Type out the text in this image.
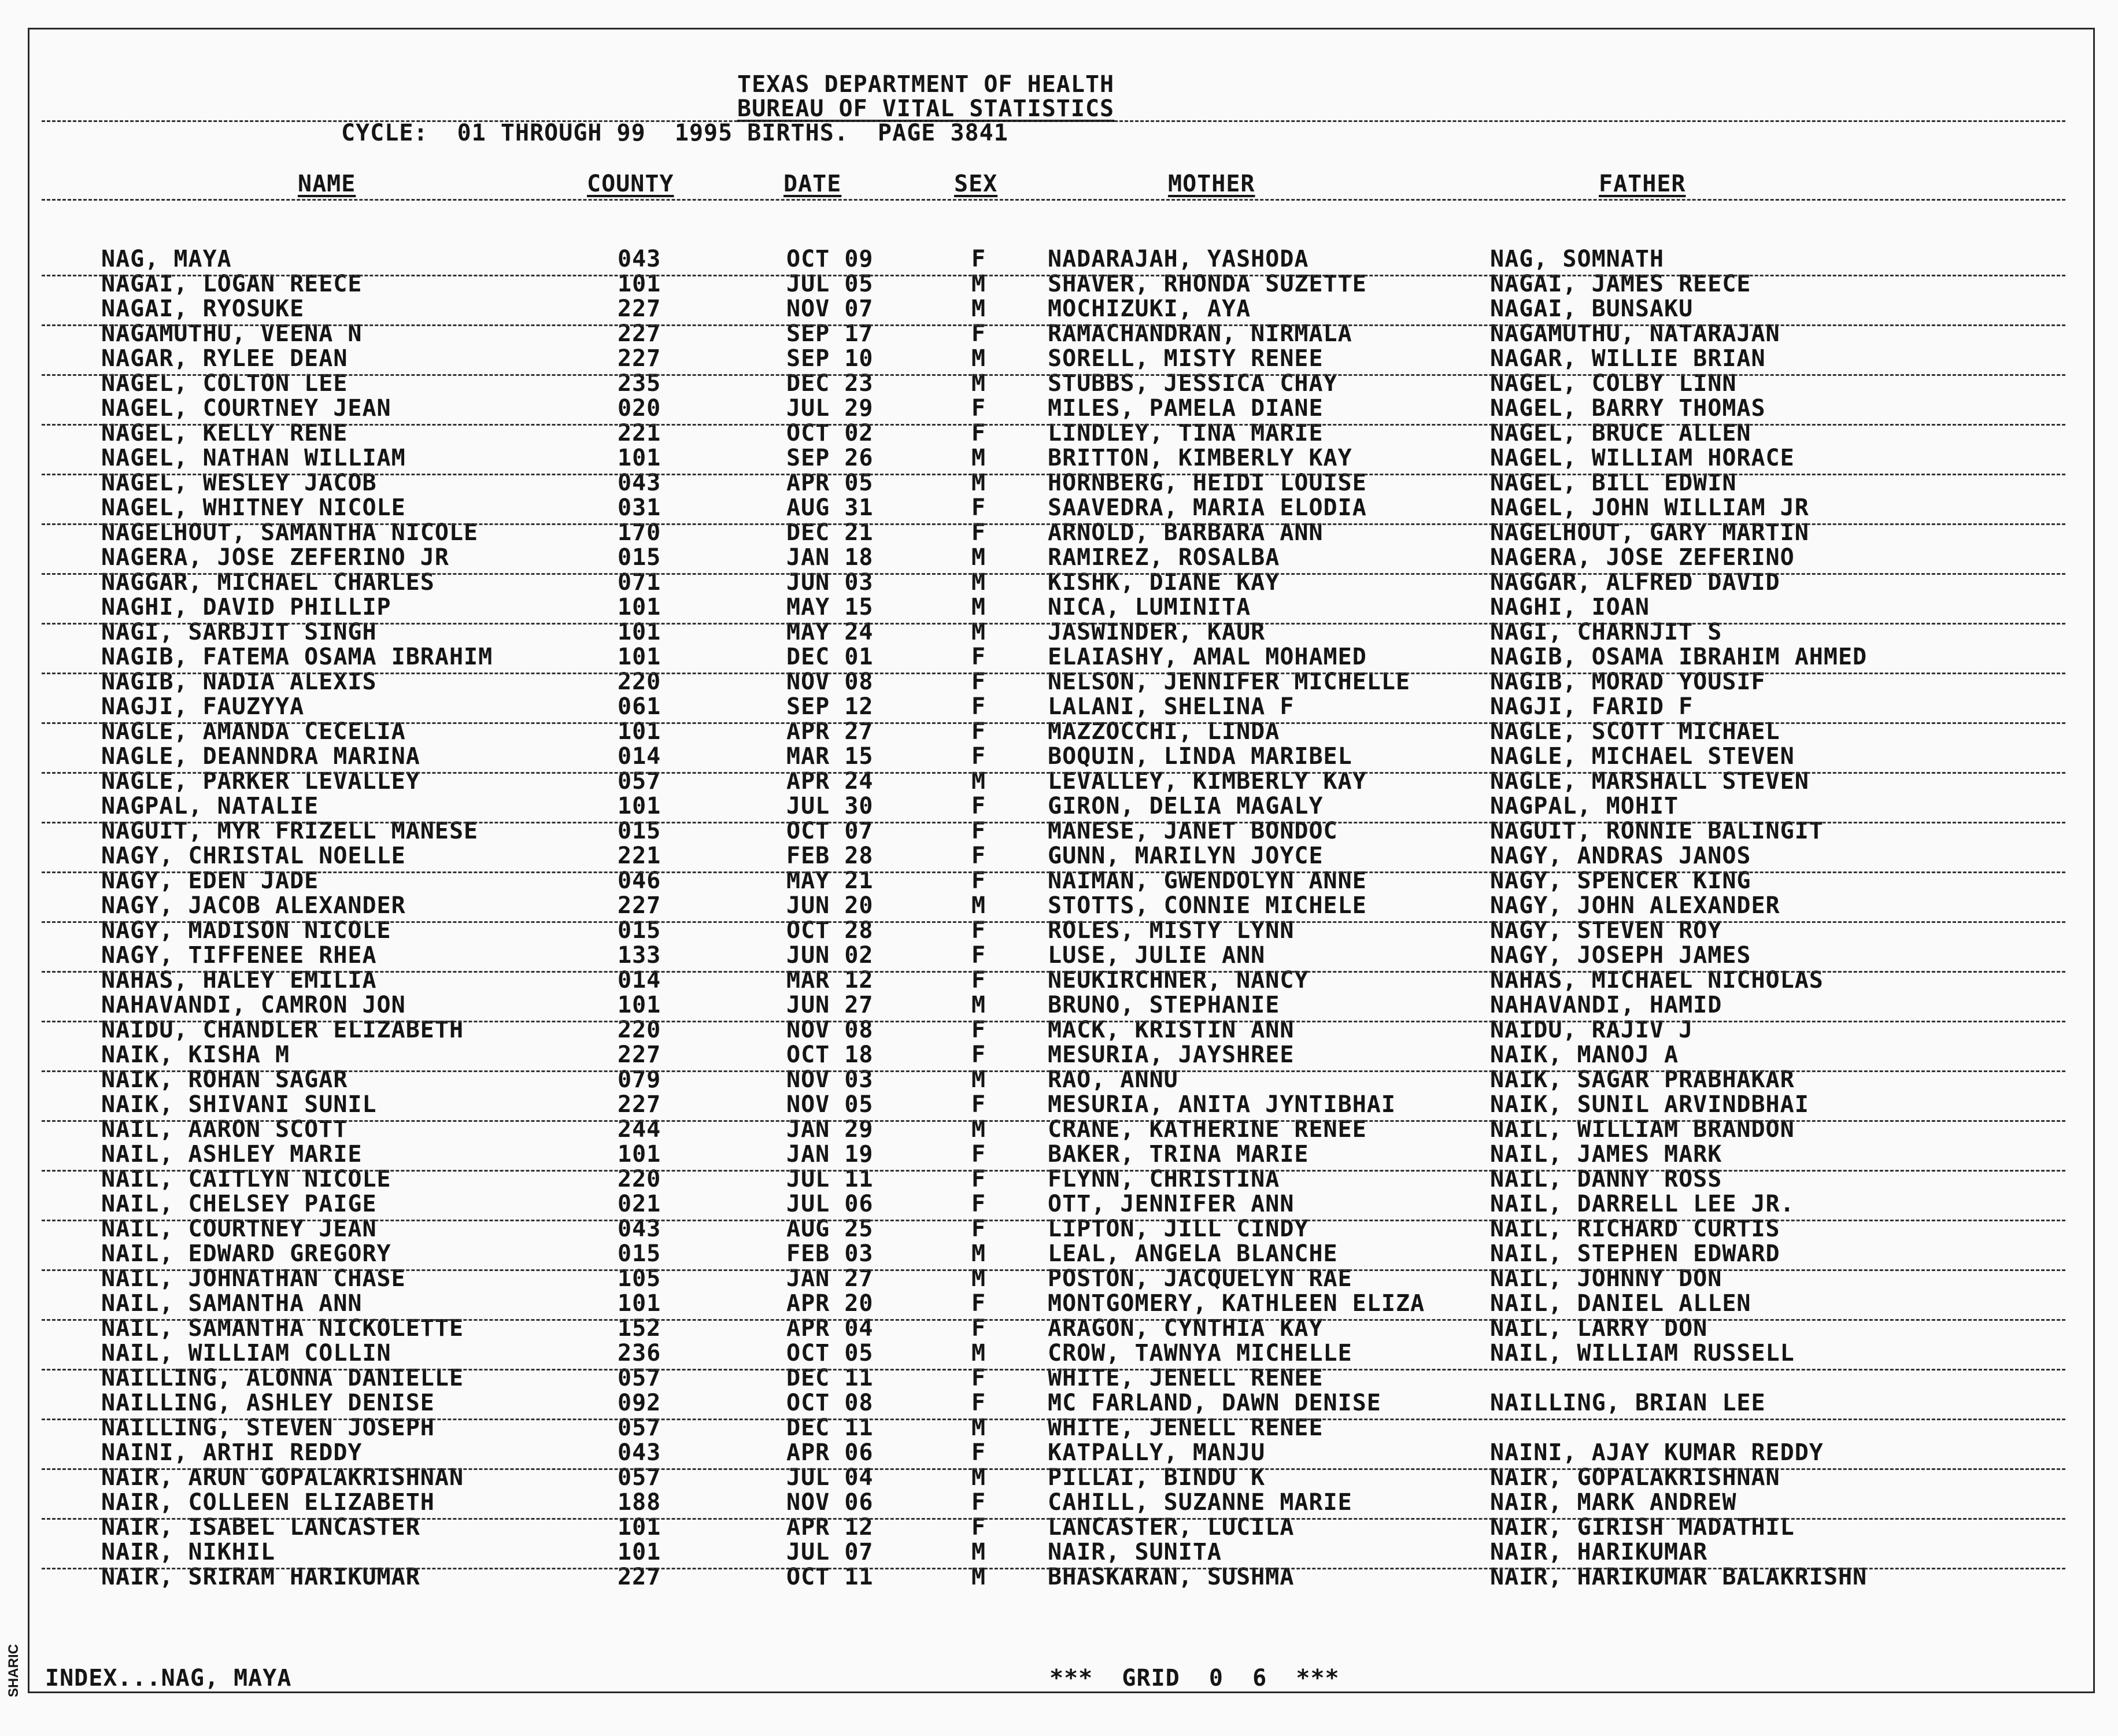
TEXAS DEPARTMENT OF HEALTH
BUREAU OF VITAL STATISTICS
CYCLE:  01 THROUGH 99  1995 BIRTHS.  PAGE 3841
NAME	COUNTY	DATE	SEX	MOTHER	FATHER
NAG, MAYA	043	OCT 09	F	NADARAJAH, YASHODA	NAG, SOMNATH
NAGAI, LOGAN REECE	101	JUL 05	M	SHAVER, RHONDA SUZETTE	NAGAI, JAMES REECE
NAGAI, RYOSUKE	227	NOV 07	M	MOCHIZUKI, AYA	NAGAI, BUNSAKU
NAGAMUTHU, VEENA N	227	SEP 17	F	RAMACHANDRAN, NIRMALA	NAGAMUTHU, NATARAJAN
NAGAR, RYLEE DEAN	227	SEP 10	M	SORELL, MISTY RENEE	NAGAR, WILLIE BRIAN
NAGEL, COLTON LEE	235	DEC 23	M	STUBBS, JESSICA CHAY	NAGEL, COLBY LINN
NAGEL, COURTNEY JEAN	020	JUL 29	F	MILES, PAMELA DIANE	NAGEL, BARRY THOMAS
NAGEL, KELLY RENE	221	OCT 02	F	LINDLEY, TINA MARIE	NAGEL, BRUCE ALLEN
NAGEL, NATHAN WILLIAM	101	SEP 26	M	BRITTON, KIMBERLY KAY	NAGEL, WILLIAM HORACE
NAGEL, WESLEY JACOB	043	APR 05	M	HORNBERG, HEIDI LOUISE	NAGEL, BILL EDWIN
NAGEL, WHITNEY NICOLE	031	AUG 31	F	SAAVEDRA, MARIA ELODIA	NAGEL, JOHN WILLIAM JR
NAGELHOUT, SAMANTHA NICOLE	170	DEC 21	F	ARNOLD, BARBARA ANN	NAGELHOUT, GARY MARTIN
NAGERA, JOSE ZEFERINO JR	015	JAN 18	M	RAMIREZ, ROSALBA	NAGERA, JOSE ZEFERINO
NAGGAR, MICHAEL CHARLES	071	JUN 03	M	KISHK, DIANE KAY	NAGGAR, ALFRED DAVID
NAGHI, DAVID PHILLIP	101	MAY 15	M	NICA, LUMINITA	NAGHI, IOAN
NAGI, SARBJIT SINGH	101	MAY 24	M	JASWINDER, KAUR	NAGI, CHARNJIT S
NAGIB, FATEMA OSAMA IBRAHIM	101	DEC 01	F	ELAIASHY, AMAL MOHAMED	NAGIB, OSAMA IBRAHIM AHMED
NAGIB, NADIA ALEXIS	220	NOV 08	F	NELSON, JENNIFER MICHELLE	NAGIB, MORAD YOUSIF
NAGJI, FAUZYYA	061	SEP 12	F	LALANI, SHELINA F	NAGJI, FARID F
NAGLE, AMANDA CECELIA	101	APR 27	F	MAZZOCCHI, LINDA	NAGLE, SCOTT MICHAEL
NAGLE, DEANNDRA MARINA	014	MAR 15	F	BOQUIN, LINDA MARIBEL	NAGLE, MICHAEL STEVEN
NAGLE, PARKER LEVALLEY	057	APR 24	M	LEVALLEY, KIMBERLY KAY	NAGLE, MARSHALL STEVEN
NAGPAL, NATALIE	101	JUL 30	F	GIRON, DELIA MAGALY	NAGPAL, MOHIT
NAGUIT, MYR FRIZELL MANESE	015	OCT 07	F	MANESE, JANET BONDOC	NAGUIT, RONNIE BALINGIT
NAGY, CHRISTAL NOELLE	221	FEB 28	F	GUNN, MARILYN JOYCE	NAGY, ANDRAS JANOS
NAGY, EDEN JADE	046	MAY 21	F	NAIMAN, GWENDOLYN ANNE	NAGY, SPENCER KING
NAGY, JACOB ALEXANDER	227	JUN 20	M	STOTTS, CONNIE MICHELE	NAGY, JOHN ALEXANDER
NAGY, MADISON NICOLE	015	OCT 28	F	ROLES, MISTY LYNN	NAGY, STEVEN ROY
NAGY, TIFFENEE RHEA	133	JUN 02	F	LUSE, JULIE ANN	NAGY, JOSEPH JAMES
NAHAS, HALEY EMILIA	014	MAR 12	F	NEUKIRCHNER, NANCY	NAHAS, MICHAEL NICHOLAS
NAHAVANDI, CAMRON JON	101	JUN 27	M	BRUNO, STEPHANIE	NAHAVANDI, HAMID
NAIDU, CHANDLER ELIZABETH	220	NOV 08	F	MACK, KRISTIN ANN	NAIDU, RAJIV J
NAIK, KISHA M	227	OCT 18	F	MESURIA, JAYSHREE	NAIK, MANOJ A
NAIK, ROHAN SAGAR	079	NOV 03	M	RAO, ANNU	NAIK, SAGAR PRABHAKAR
NAIK, SHIVANI SUNIL	227	NOV 05	F	MESURIA, ANITA JYNTIBHAI	NAIK, SUNIL ARVINDBHAI
NAIL, AARON SCOTT	244	JAN 29	M	CRANE, KATHERINE RENEE	NAIL, WILLIAM BRANDON
NAIL, ASHLEY MARIE	101	JAN 19	F	BAKER, TRINA MARIE	NAIL, JAMES MARK
NAIL, CAITLYN NICOLE	220	JUL 11	F	FLYNN, CHRISTINA	NAIL, DANNY ROSS
NAIL, CHELSEY PAIGE	021	JUL 06	F	OTT, JENNIFER ANN	NAIL, DARRELL LEE JR.
NAIL, COURTNEY JEAN	043	AUG 25	F	LIPTON, JILL CINDY	NAIL, RICHARD CURTIS
NAIL, EDWARD GREGORY	015	FEB 03	M	LEAL, ANGELA BLANCHE	NAIL, STEPHEN EDWARD
NAIL, JOHNATHAN CHASE	105	JAN 27	M	POSTON, JACQUELYN RAE	NAIL, JOHNNY DON
NAIL, SAMANTHA ANN	101	APR 20	F	MONTGOMERY, KATHLEEN ELIZA	NAIL, DANIEL ALLEN
NAIL, SAMANTHA NICKOLETTE	152	APR 04	F	ARAGON, CYNTHIA KAY	NAIL, LARRY DON
NAIL, WILLIAM COLLIN	236	OCT 05	M	CROW, TAWNYA MICHELLE	NAIL, WILLIAM RUSSELL
NAILLING, ALONNA DANIELLE	057	DEC 11	F	WHITE, JENELL RENEE
NAILLING, ASHLEY DENISE	092	OCT 08	F	MC FARLAND, DAWN DENISE	NAILLING, BRIAN LEE
NAILLING, STEVEN JOSEPH	057	DEC 11	M	WHITE, JENELL RENEE
NAINI, ARTHI REDDY	043	APR 06	F	KATPALLY, MANJU	NAINI, AJAY KUMAR REDDY
NAIR, ARUN GOPALAKRISHNAN	057	JUL 04	M	PILLAI, BINDU K	NAIR, GOPALAKRISHNAN
NAIR, COLLEEN ELIZABETH	188	NOV 06	F	CAHILL, SUZANNE MARIE	NAIR, MARK ANDREW
NAIR, ISABEL LANCASTER	101	APR 12	F	LANCASTER, LUCILA	NAIR, GIRISH MADATHIL
NAIR, NIKHIL	101	JUL 07	M	NAIR, SUNITA	NAIR, HARIKUMAR
NAIR, SRIRAM HARIKUMAR	227	OCT 11	M	BHASKARAN, SUSHMA	NAIR, HARIKUMAR BALAKRISHN
INDEX...NAG, MAYA	***  GRID  0  6  ***
SHARIC
